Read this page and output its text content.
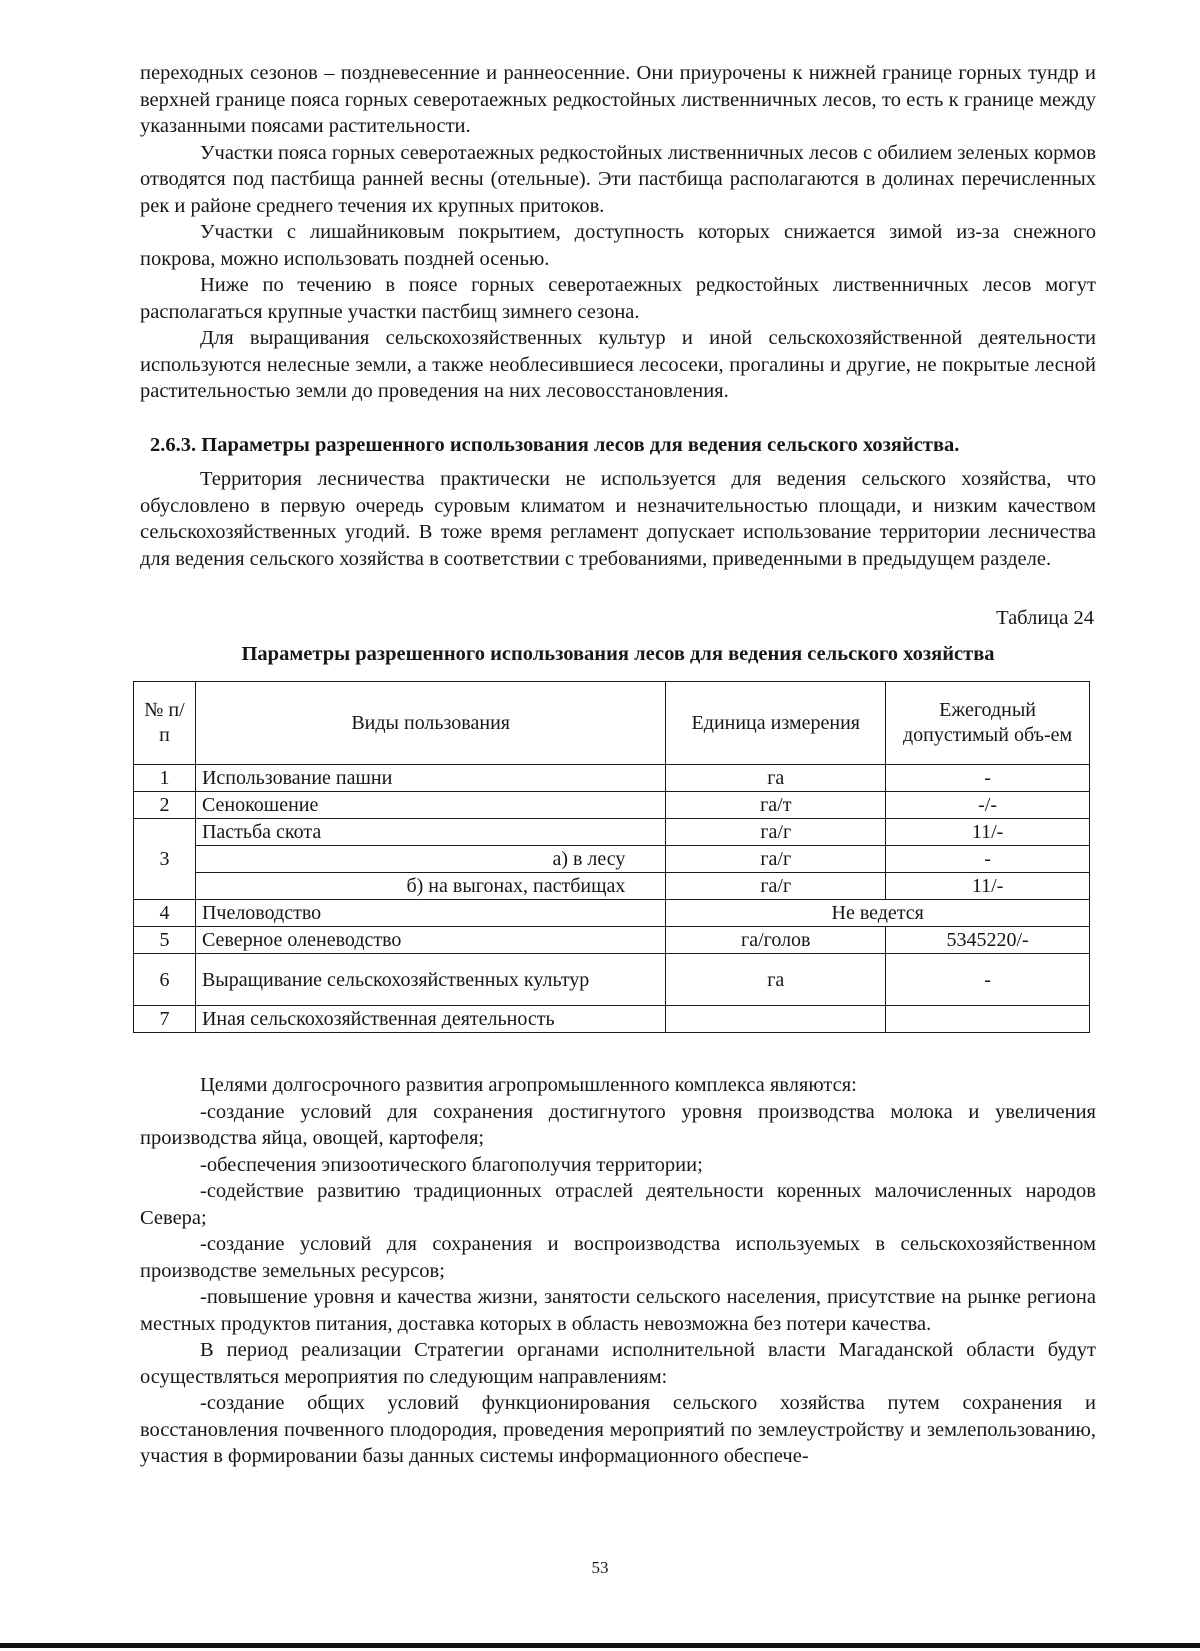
переходных сезонов – поздневесенние и раннеосенние. Они приурочены к нижней границе горных тундр и верхней границе пояса горных северотаежных редкостойных лиственничных лесов, то есть к границе между указанными поясами растительности.

Участки пояса горных северотаежных редкостойных лиственничных лесов с обилием зеленых кормов отводятся под пастбища ранней весны (отельные). Эти пастбища располагаются в долинах перечисленных рек и районе среднего течения их крупных притоков.

Участки с лишайниковым покрытием, доступность которых снижается зимой из-за снежного покрова, можно использовать поздней осенью.

Ниже по течению в поясе горных северотаежных редкостойных лиственничных лесов могут располагаться крупные участки пастбищ зимнего сезона.

Для выращивания сельскохозяйственных культур и иной сельскохозяйственной деятельности используются нелесные земли, а также необлесившиеся лесосеки, прогалины и другие, не покрытые лесной растительностью земли до проведения на них лесовосстановления.

2.6.3. Параметры разрешенного использования лесов для ведения сельского хозяйства.

Территория лесничества практически не используется для ведения сельского хозяйства, что обусловлено в первую очередь суровым климатом и незначительностью площади, и низким качеством сельскохозяйственных угодий. В тоже время регламент допускает использование территории лесничества для ведения сельского хозяйства в соответствии с требованиями, приведенными в предыдущем разделе.

Таблица 24
Параметры разрешенного использования лесов для ведения сельского хозяйства
№ п/п	Виды пользования	Единица измерения	Ежегодный допустимый объ-ем
1	Использование пашни	га	-
2	Сенокошение	га/т	-/-
3	Пастьба скота	га/г	11/-
	а) в лесу	га/г	-
	б) на выгонах, пастбищах	га/г	11/-
4	Пчеловодство	Не ведется	
5	Северное оленеводство	га/голов	5345220/-
6	Выращивание сельскохозяйственных культур	га	-
7	Иная сельскохозяйственная деятельность		

Целями долгосрочного развития агропромышленного комплекса являются:

-создание условий для сохранения достигнутого уровня производства молока и увеличения производства яйца, овощей, картофеля;

-обеспечения эпизоотического благополучия территории;

-содействие развитию традиционных отраслей деятельности коренных малочисленных народов Севера;

-создание условий для сохранения и воспроизводства используемых в сельскохозяйственном производстве земельных ресурсов;

-повышение уровня и качества жизни, занятости сельского населения, присутствие на рынке региона местных продуктов питания, доставка которых в область невозможна без потери качества.

В период реализации Стратегии органами исполнительной власти Магаданской области будут осуществляться мероприятия по следующим направлениям:

-создание общих условий функционирования сельского хозяйства путем сохранения и восстановления почвенного плодородия, проведения мероприятий по землеустройству и землепользованию, участия в формировании базы данных системы информационного обеспече-

53
